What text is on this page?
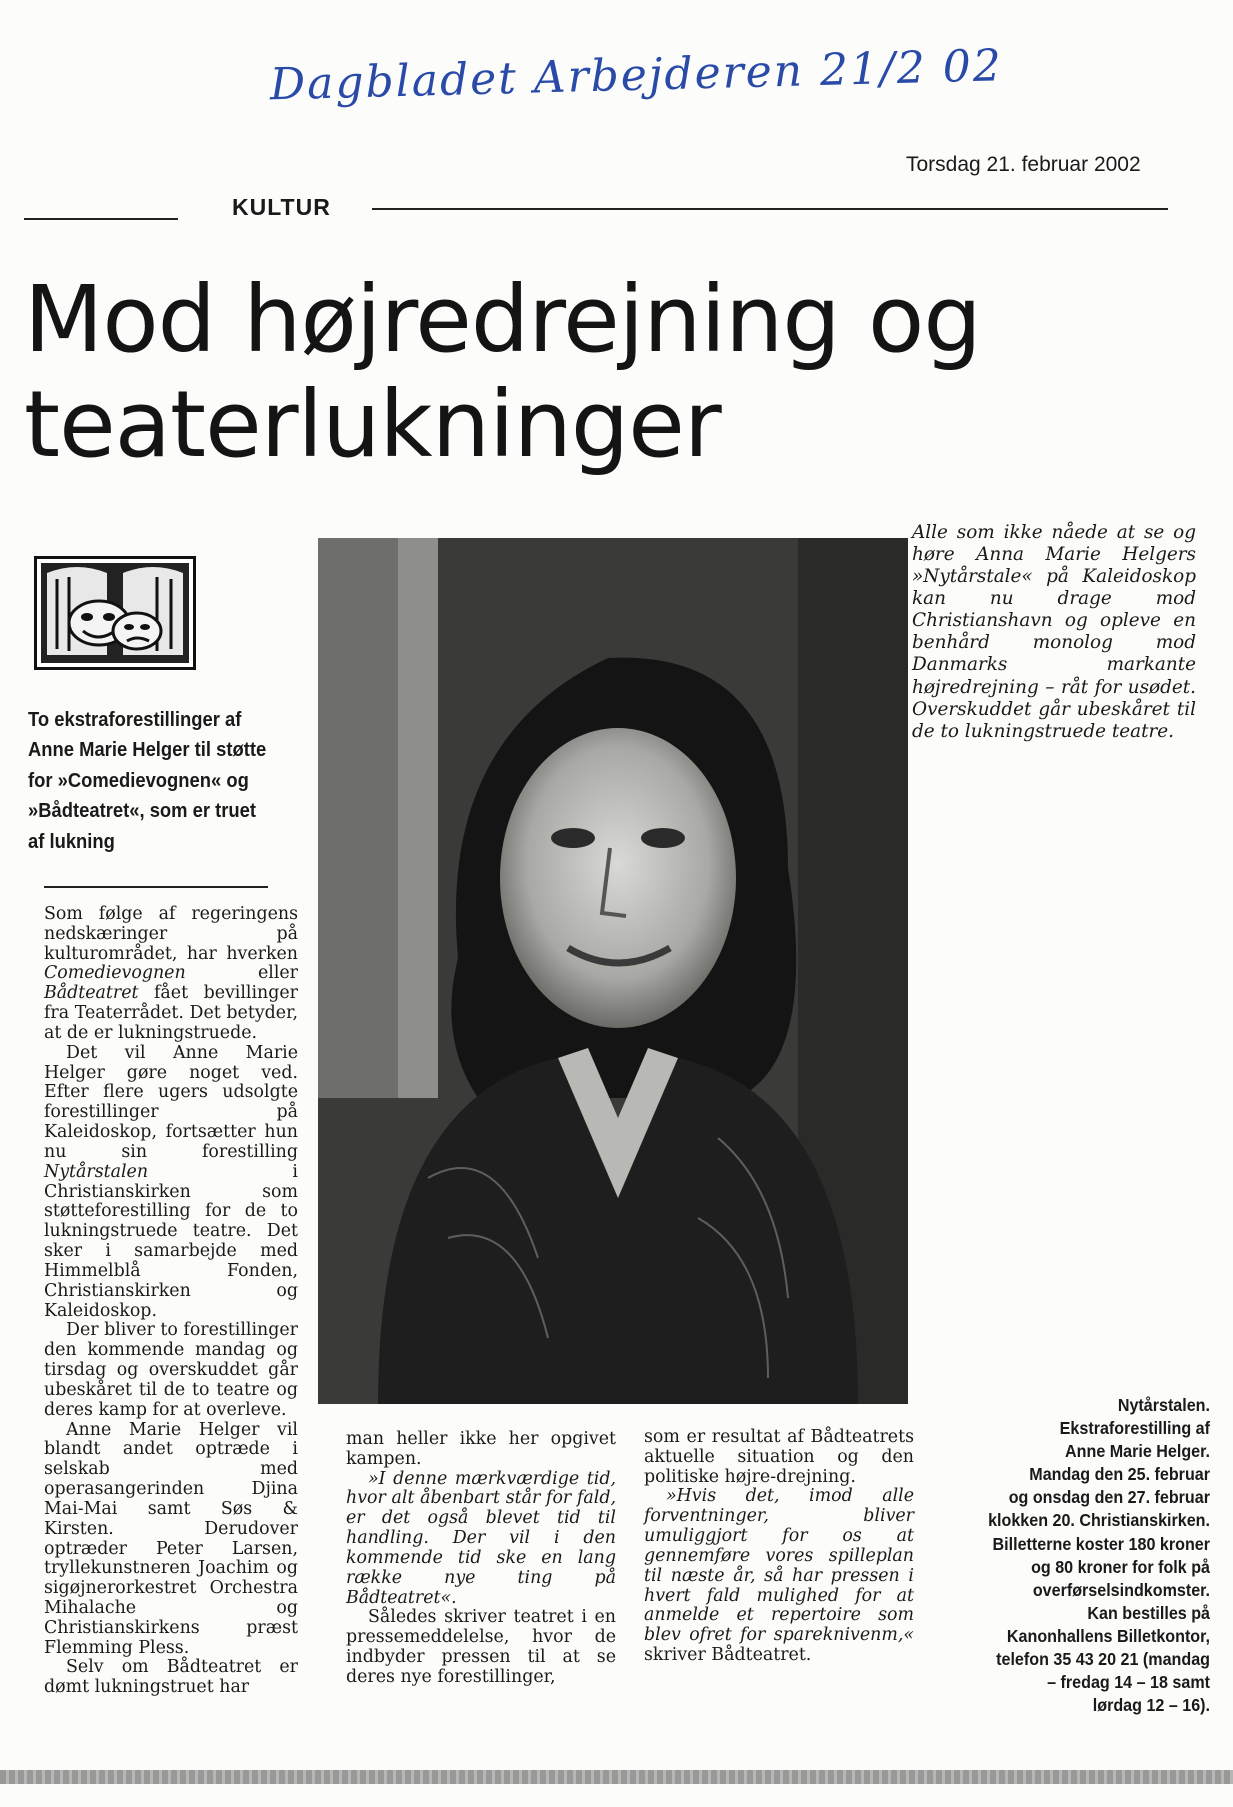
Dagbladet Arbejderen 21/2 02
Torsdag 21. februar 2002
KULTUR
Mod højredrejning og teaterlukninger
To ekstraforestillinger af Anne Marie Helger til støtte for »Comedievognen« og »Bådteatret«, som er truet af lukning

Som følge af regeringens nedskæringer på kulturområdet, har hverken Comedievognen eller Bådteatret fået bevillinger fra Teaterrådet. Det betyder, at de er lukningstruede.

Det vil Anne Marie Helger gøre noget ved. Efter flere ugers udsolgte forestillinger på Kaleidoskop, fortsætter hun nu sin forestilling Nytårstalen i Christianskirken som støtteforestilling for de to lukningstruede teatre. Det sker i samarbejde med Himmelblå Fonden, Christianskirken og Kaleidoskop.

Der bliver to forestillinger den kommende mandag og tirsdag og overskuddet går ubeskåret til de to teatre og deres kamp for at overleve.

Anne Marie Helger vil blandt andet optræde i selskab med operasangerinden Djina Mai-Mai samt Søs & Kirsten. Derudover optræder Peter Larsen, tryllekunstneren Joachim og sigøjnerorkestret Orchestra Mihalache og Christianskirkens præst Flemming Pless.

Selv om Bådteatret er dømt lukningstruet har

Alle som ikke nåede at se og høre Anna Marie Helgers »Nytårstale« på Kaleidoskop kan nu drage mod Christianshavn og opleve en benhård monolog mod Danmarks markante højredrejning – råt for usødet. Overskuddet går ubeskåret til de to lukningstruede teatre.

man heller ikke her opgivet kampen.

»I denne mærkværdige tid, hvor alt åbenbart står for fald, er det også blevet tid til handling. Der vil i den kommende tid ske en lang række nye ting på Bådteatret«.

Således skriver teatret i en pressemeddelelse, hvor de indbyder pressen til at se deres nye forestillinger,

som er resultat af Bådteatrets aktuelle situation og den politiske højre-drejning.

»Hvis det, imod alle forventninger, bliver umuliggjort for os at gennemføre vores spilleplan til næste år, så har pressen i hvert fald mulighed for at anmelde et repertoire som blev ofret for spareknivenm,« skriver Bådteatret.

Nytårstalen.
Ekstraforestilling af
Anne Marie Helger.
Mandag den 25. februar
og onsdag den 27. februar
klokken 20. Christianskirken.
Billetterne koster 180 kroner
og 80 kroner for folk på
overførselsindkomster.
Kan bestilles på
Kanonhallens Billetkontor,
telefon 35 43 20 21 (mandag
– fredag 14 – 18 samt
lørdag 12 – 16).
